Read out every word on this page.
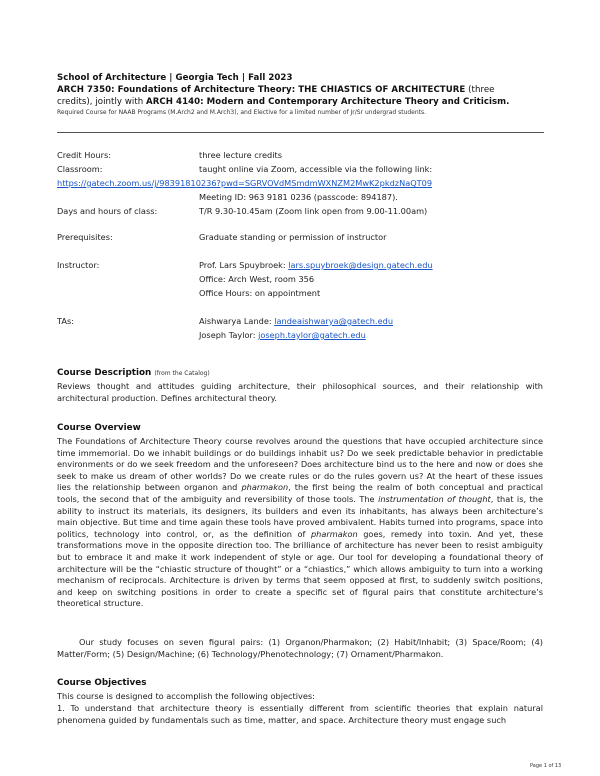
School of Architecture | Georgia Tech | Fall 2023
ARCH 7350: Foundations of Architecture Theory: THE CHIASTICS OF ARCHITECTURE (three
credits), jointly with ARCH 4140: Modern and Contemporary Architecture Theory and Criticism.
Required Course for NAAB Programs (M.Arch2 and M.Arch3), and Elective for a limited number of Jr/Sr undergrad students.
Credit Hours:	three lecture credits
Classroom:	taught online via Zoom, accessible via the following link:
https://gatech.zoom.us/j/98391810236?pwd=SGRVOVdMSmdmWXNZM2MwK2pkdzNaQT09
Meeting ID: 963 9181 0236 (passcode: 894187).
Days and hours of class:	T/R 9.30-10.45am (Zoom link open from 9.00-11.00am)
Prerequisites:	Graduate standing or permission of instructor
Instructor:	Prof. Lars Spuybroek: lars.spuybroek@design.gatech.edu
Office: Arch West, room 356
Office Hours: on appointment
TAs:	Aishwarya Lande: landeaishwarya@gatech.edu
Joseph Taylor: joseph.taylor@gatech.edu
Course Description (from the Catalog)

Reviews thought and attitudes guiding architecture, their philosophical sources, and their relationship with architectural production. Defines architectural theory.

Course Overview

The Foundations of Architecture Theory course revolves around the questions that have occupied architecture since time immemorial. Do we inhabit buildings or do buildings inhabit us? Do we seek predictable behavior in predictable environments or do we seek freedom and the unforeseen? Does architecture bind us to the here and now or does she seek to make us dream of other worlds? Do we create rules or do the rules govern us? At the heart of these issues lies the relationship between organon and pharmakon, the first being the realm of both conceptual and practical tools, the second that of the ambiguity and reversibility of those tools. The instrumentation of thought, that is, the ability to instruct its materials, its designers, its builders and even its inhabitants, has always been architecture’s main objective. But time and time again these tools have proved ambivalent. Habits turned into programs, space into politics, technology into control, or, as the definition of pharmakon goes, remedy into toxin. And yet, these transformations move in the opposite direction too. The brilliance of architecture has never been to resist ambiguity but to embrace it and make it work independent of style or age. Our tool for developing a foundational theory of architecture will be the “chiastic structure of thought” or a “chiastics,” which allows ambiguity to turn into a working mechanism of reciprocals. Architecture is driven by terms that seem opposed at first, to suddenly switch positions, and keep on switching positions in order to create a specific set of figural pairs that constitute architecture’s theoretical structure.

Our study focuses on seven figural pairs: (1) Organon/Pharmakon; (2) Habit/Inhabit; (3) Space/Room; (4) Matter/Form; (5) Design/Machine; (6) Technology/Phenotechnology; (7) Ornament/Pharmakon.

Course Objectives

This course is designed to accomplish the following objectives:

1. To understand that architecture theory is essentially different from scientific theories that explain natural phenomena guided by fundamentals such as time, matter, and space. Architecture theory must engage such

Page 1 of 13
